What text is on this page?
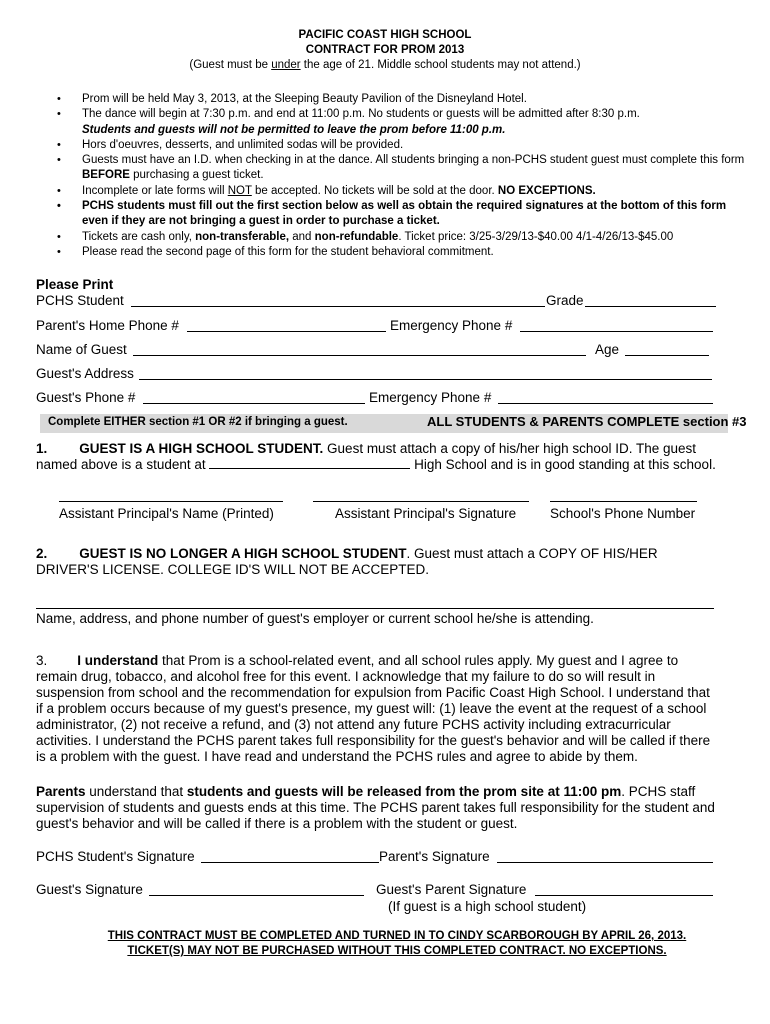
PACIFIC COAST HIGH SCHOOL
CONTRACT FOR PROM 2013
(Guest must be under the age of 21. Middle school students may not attend.)
• Prom will be held May 3, 2013, at the Sleeping Beauty Pavilion of the Disneyland Hotel.
• The dance will begin at 7:30 p.m. and end at 11:00 p.m. No students or guests will be admitted after 8:30 p.m.
Students and guests will not be permitted to leave the prom before 11:00 p.m.
• Hors d'oeuvres, desserts, and unlimited sodas will be provided.
• Guests must have an I.D. when checking in at the dance. All students bringing a non-PCHS student guest must complete this form BEFORE purchasing a guest ticket.
• Incomplete or late forms will NOT be accepted. No tickets will be sold at the door. NO EXCEPTIONS.
• PCHS students must fill out the first section below as well as obtain the required signatures at the bottom of this form even if they are not bringing a guest in order to purchase a ticket.
• Tickets are cash only, non-transferable, and non-refundable. Ticket price: 3/25-3/29/13-$40.00 4/1-4/26/13-$45.00
• Please read the second page of this form for the student behavioral commitment.
Please Print
PCHS Student	Grade
Parent's Home Phone #	Emergency Phone #
Name of Guest	Age
Guest's Address
Guest's Phone #	Emergency Phone #
Complete EITHER section #1 OR #2 if bringing a guest.	ALL STUDENTS & PARENTS COMPLETE section #3
1. GUEST IS A HIGH SCHOOL STUDENT. Guest must attach a copy of his/her high school ID. The guest
named above is a student at	High School and is in good standing at this school.
Assistant Principal's Name (Printed)	Assistant Principal's Signature	School's Phone Number
2. GUEST IS NO LONGER A HIGH SCHOOL STUDENT. Guest must attach a COPY OF HIS/HER
DRIVER'S LICENSE. COLLEGE ID'S WILL NOT BE ACCEPTED.
Name, address, and phone number of guest's employer or current school he/she is attending.
3. I understand that Prom is a school-related event, and all school rules apply. My guest and I agree to
remain drug, tobacco, and alcohol free for this event. I acknowledge that my failure to do so will result in
suspension from school and the recommendation for expulsion from Pacific Coast High School. I understand that
if a problem occurs because of my guest's presence, my guest will: (1) leave the event at the request of a school
administrator, (2) not receive a refund, and (3) not attend any future PCHS activity including extracurricular
activities. I understand the PCHS parent takes full responsibility for the guest's behavior and will be called if there
is a problem with the guest. I have read and understand the PCHS rules and agree to abide by them.
Parents understand that students and guests will be released from the prom site at 11:00 pm. PCHS staff
supervision of students and guests ends at this time. The PCHS parent takes full responsibility for the student and
guest's behavior and will be called if there is a problem with the student or guest.
PCHS Student's Signature	Parent's Signature
Guest's Signature	Guest's Parent Signature
(If guest is a high school student)
THIS CONTRACT MUST BE COMPLETED AND TURNED IN TO CINDY SCARBOROUGH BY APRIL 26, 2013.
TICKET(S) MAY NOT BE PURCHASED WITHOUT THIS COMPLETED CONTRACT. NO EXCEPTIONS.
